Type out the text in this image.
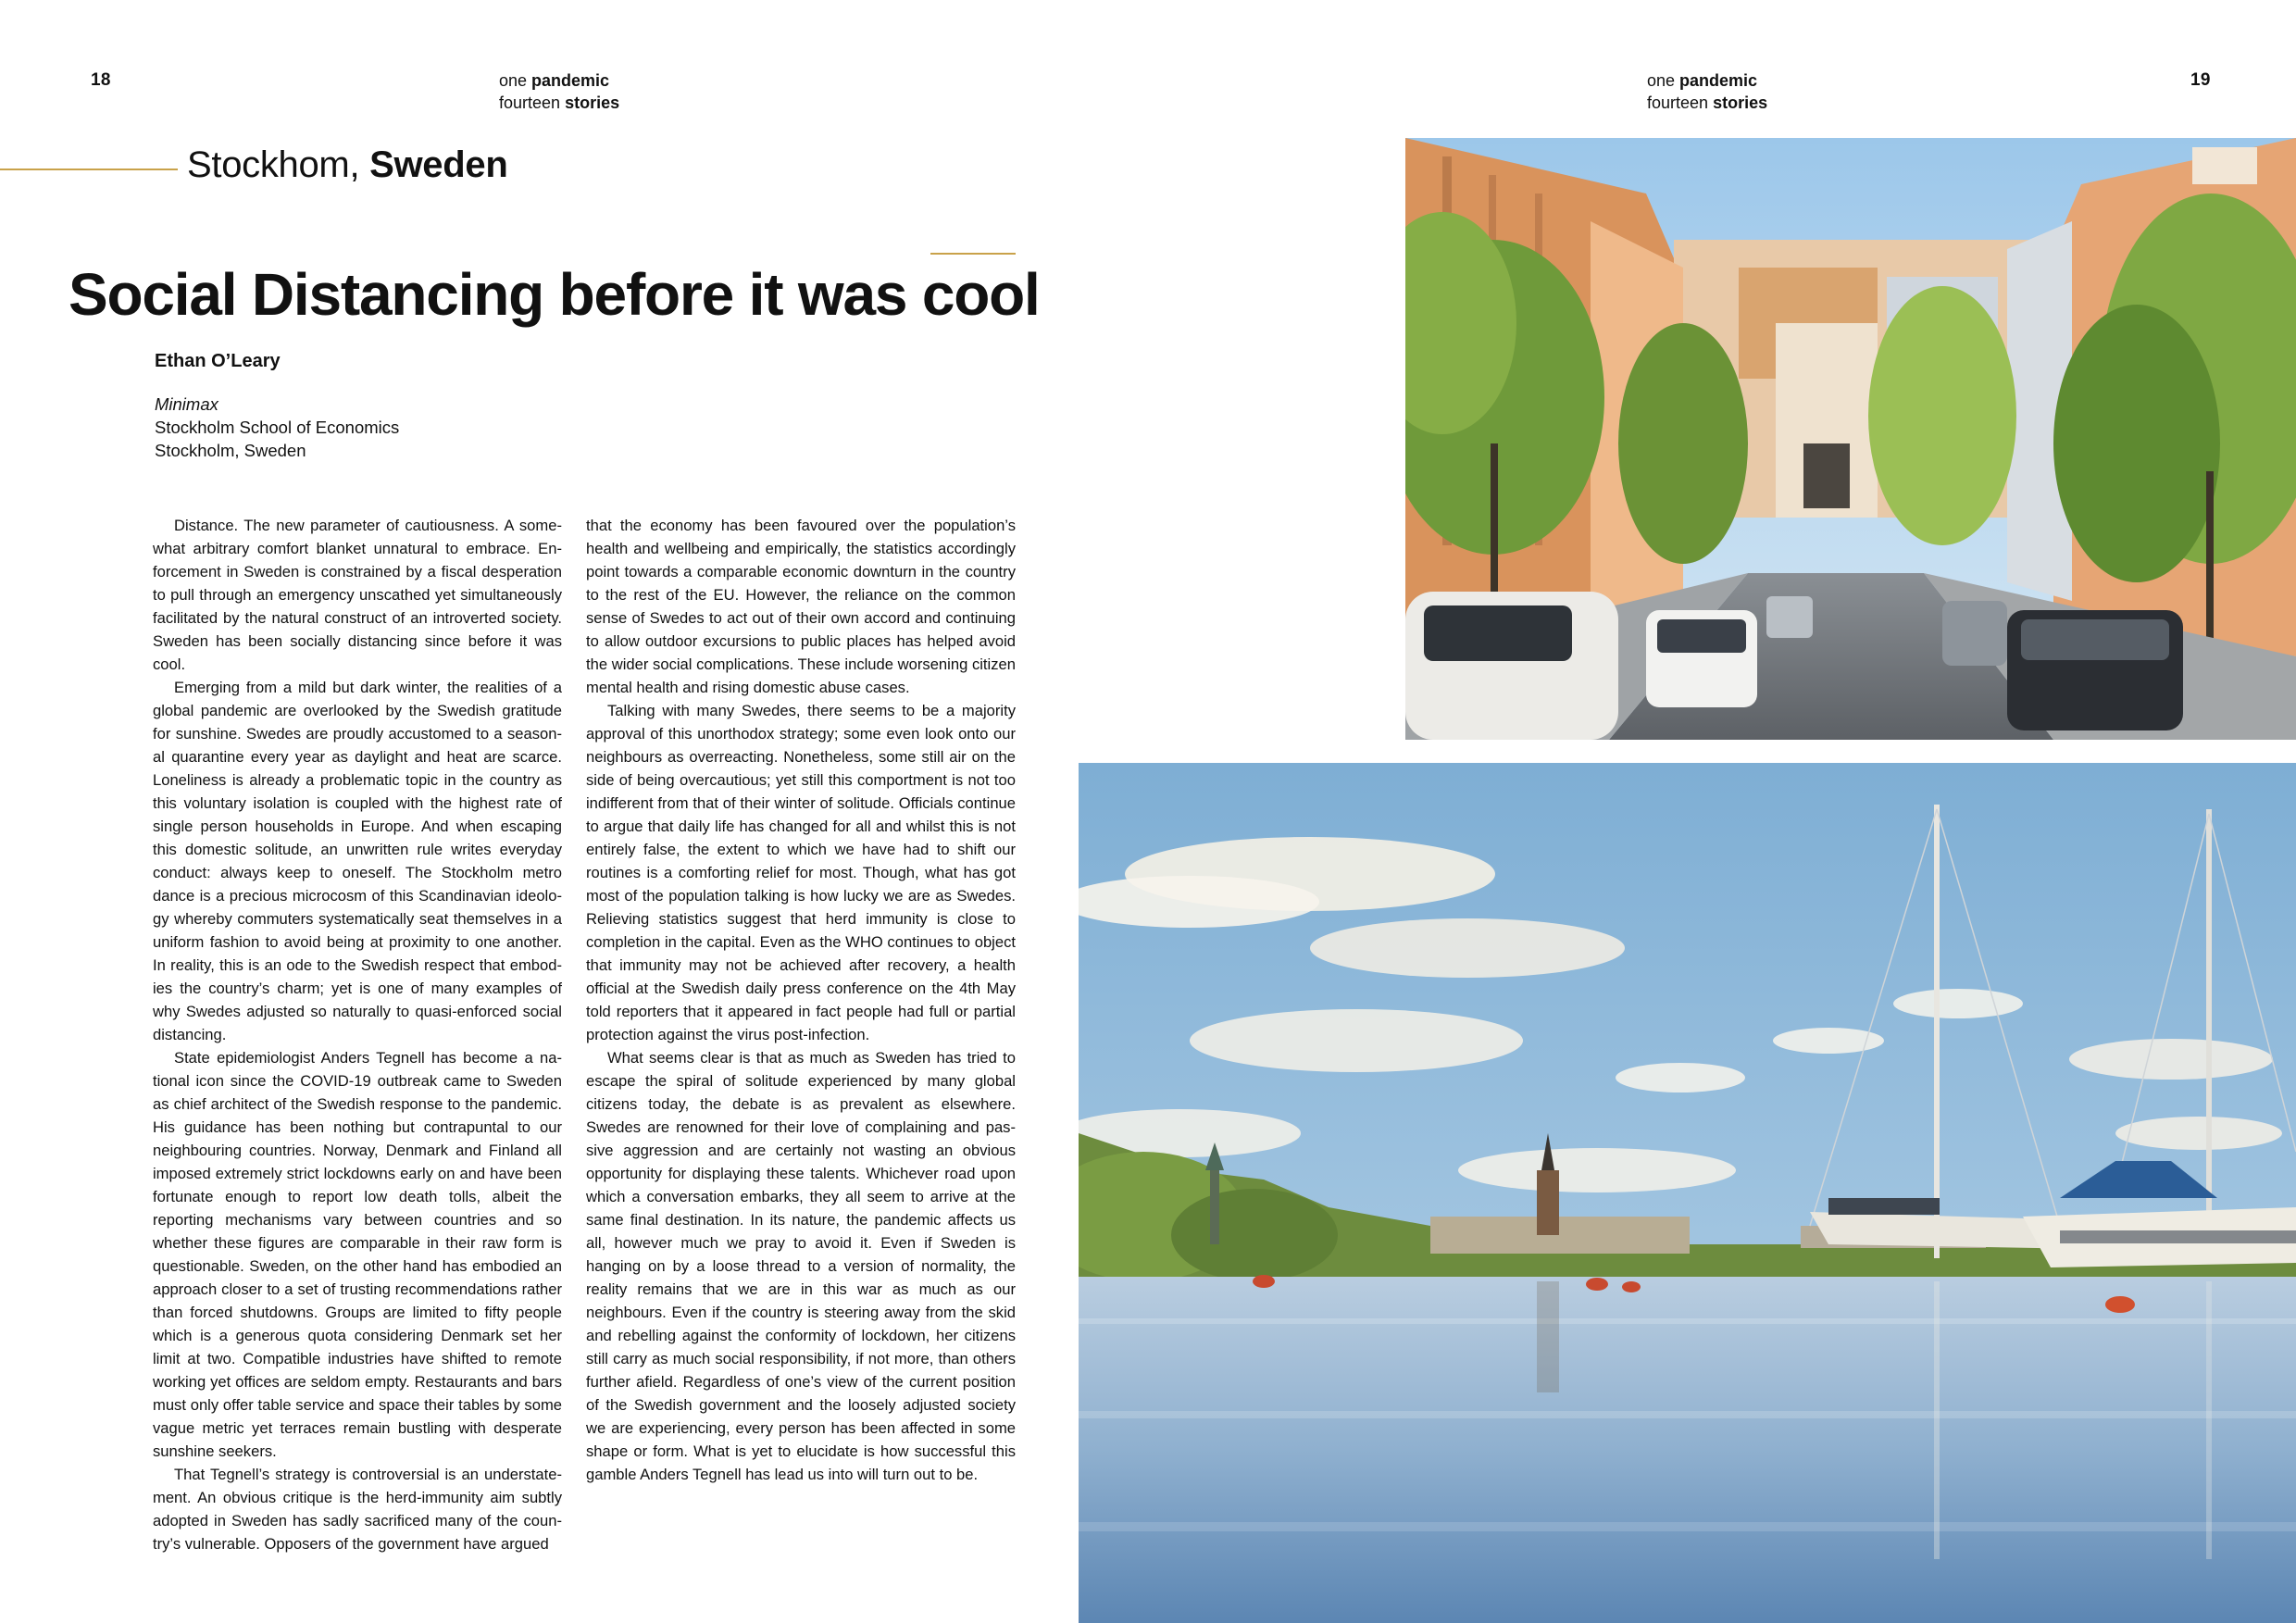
18	one pandemic
fourteen stories
Stockhom, Sweden
Social Distancing before it was cool
Ethan O’Leary
Minimax
Stockholm School of Economics
Stockholm, Sweden

Distance. The new parameter of cautiousness. A somewhat arbitrary comfort blanket unnatural to embrace. Enforcement in Sweden is constrained by a fiscal desperation to pull through an emergency unscathed yet simultaneously facilitated by the natural construct of an introverted society. Sweden has been socially distancing since before it was cool.

Emerging from a mild but dark winter, the realities of a global pandemic are overlooked by the Swedish gratitude for sunshine. Swedes are proudly accustomed to a seasonal quarantine every year as daylight and heat are scarce. Loneliness is already a problematic topic in the country as this voluntary isolation is coupled with the highest rate of single person households in Europe. And when escaping this domestic solitude, an unwritten rule writes everyday conduct: always keep to oneself. The Stockholm metro dance is a precious microcosm of this Scandinavian ideology whereby commuters systematically seat themselves in a uniform fashion to avoid being at proximity to one another. In reality, this is an ode to the Swedish respect that embodies the country’s charm; yet is one of many examples of why Swedes adjusted so naturally to quasi-enforced social distancing.

State epidemiologist Anders Tegnell has become a national icon since the COVID-19 outbreak came to Sweden as chief architect of the Swedish response to the pandemic. His guidance has been nothing but contrapuntal to our neighbouring countries. Norway, Denmark and Finland all imposed extremely strict lockdowns early on and have been fortunate enough to report low death tolls, albeit the reporting mechanisms vary between countries and so whether these figures are comparable in their raw form is questionable. Sweden, on the other hand has embodied an approach closer to a set of trusting recommendations rather than forced shutdowns. Groups are limited to fifty people which is a generous quota considering Denmark set her limit at two. Compatible industries have shifted to remote working yet offices are seldom empty. Restaurants and bars must only offer table service and space their tables by some vague metric yet terraces remain bustling with desperate sunshine seekers.

That Tegnell’s strategy is controversial is an understatement. An obvious critique is the herd-immunity aim subtly adopted in Sweden has sadly sacrificed many of the country’s vulnerable. Opposers of the government have argued

that the economy has been favoured over the population’s health and wellbeing and empirically, the statistics accordingly point towards a comparable economic downturn in the country to the rest of the EU. However, the reliance on the common sense of Swedes to act out of their own accord and continuing to allow outdoor excursions to public places has helped avoid the wider social complications. These include worsening citizen mental health and rising domestic abuse cases.

Talking with many Swedes, there seems to be a majority approval of this unorthodox strategy; some even look onto our neighbours as overreacting. Nonetheless, some still air on the side of being overcautious; yet still this comportment is not too indifferent from that of their winter of solitude. Officials continue to argue that daily life has changed for all and whilst this is not entirely false, the extent to which we have had to shift our routines is a comforting relief for most. Though, what has got most of the population talking is how lucky we are as Swedes. Relieving statistics suggest that herd immunity is close to completion in the capital. Even as the WHO continues to object that immunity may not be achieved after recovery, a health official at the Swedish daily press conference on the 4th May told reporters that it appeared in fact people had full or partial protection against the virus post-infection.

What seems clear is that as much as Sweden has tried to escape the spiral of solitude experienced by many global citizens today, the debate is as prevalent as elsewhere. Swedes are renowned for their love of complaining and passive aggression and are certainly not wasting an obvious opportunity for displaying these talents. Whichever road upon which a conversation embarks, they all seem to arrive at the same final destination. In its nature, the pandemic affects us all, however much we pray to avoid it. Even if Sweden is hanging on by a loose thread to a version of normality, the reality remains that we are in this war as much as our neighbours. Even if the country is steering away from the skid and rebelling against the conformity of lockdown, her citizens still carry as much social responsibility, if not more, than others further afield. Regardless of one’s view of the current position of the Swedish government and the loosely adjusted society we are experiencing, every person has been affected in some shape or form. What is yet to elucidate is how successful this gamble Anders Tegnell has lead us into will turn out to be.

one pandemic
fourteen stories
19
